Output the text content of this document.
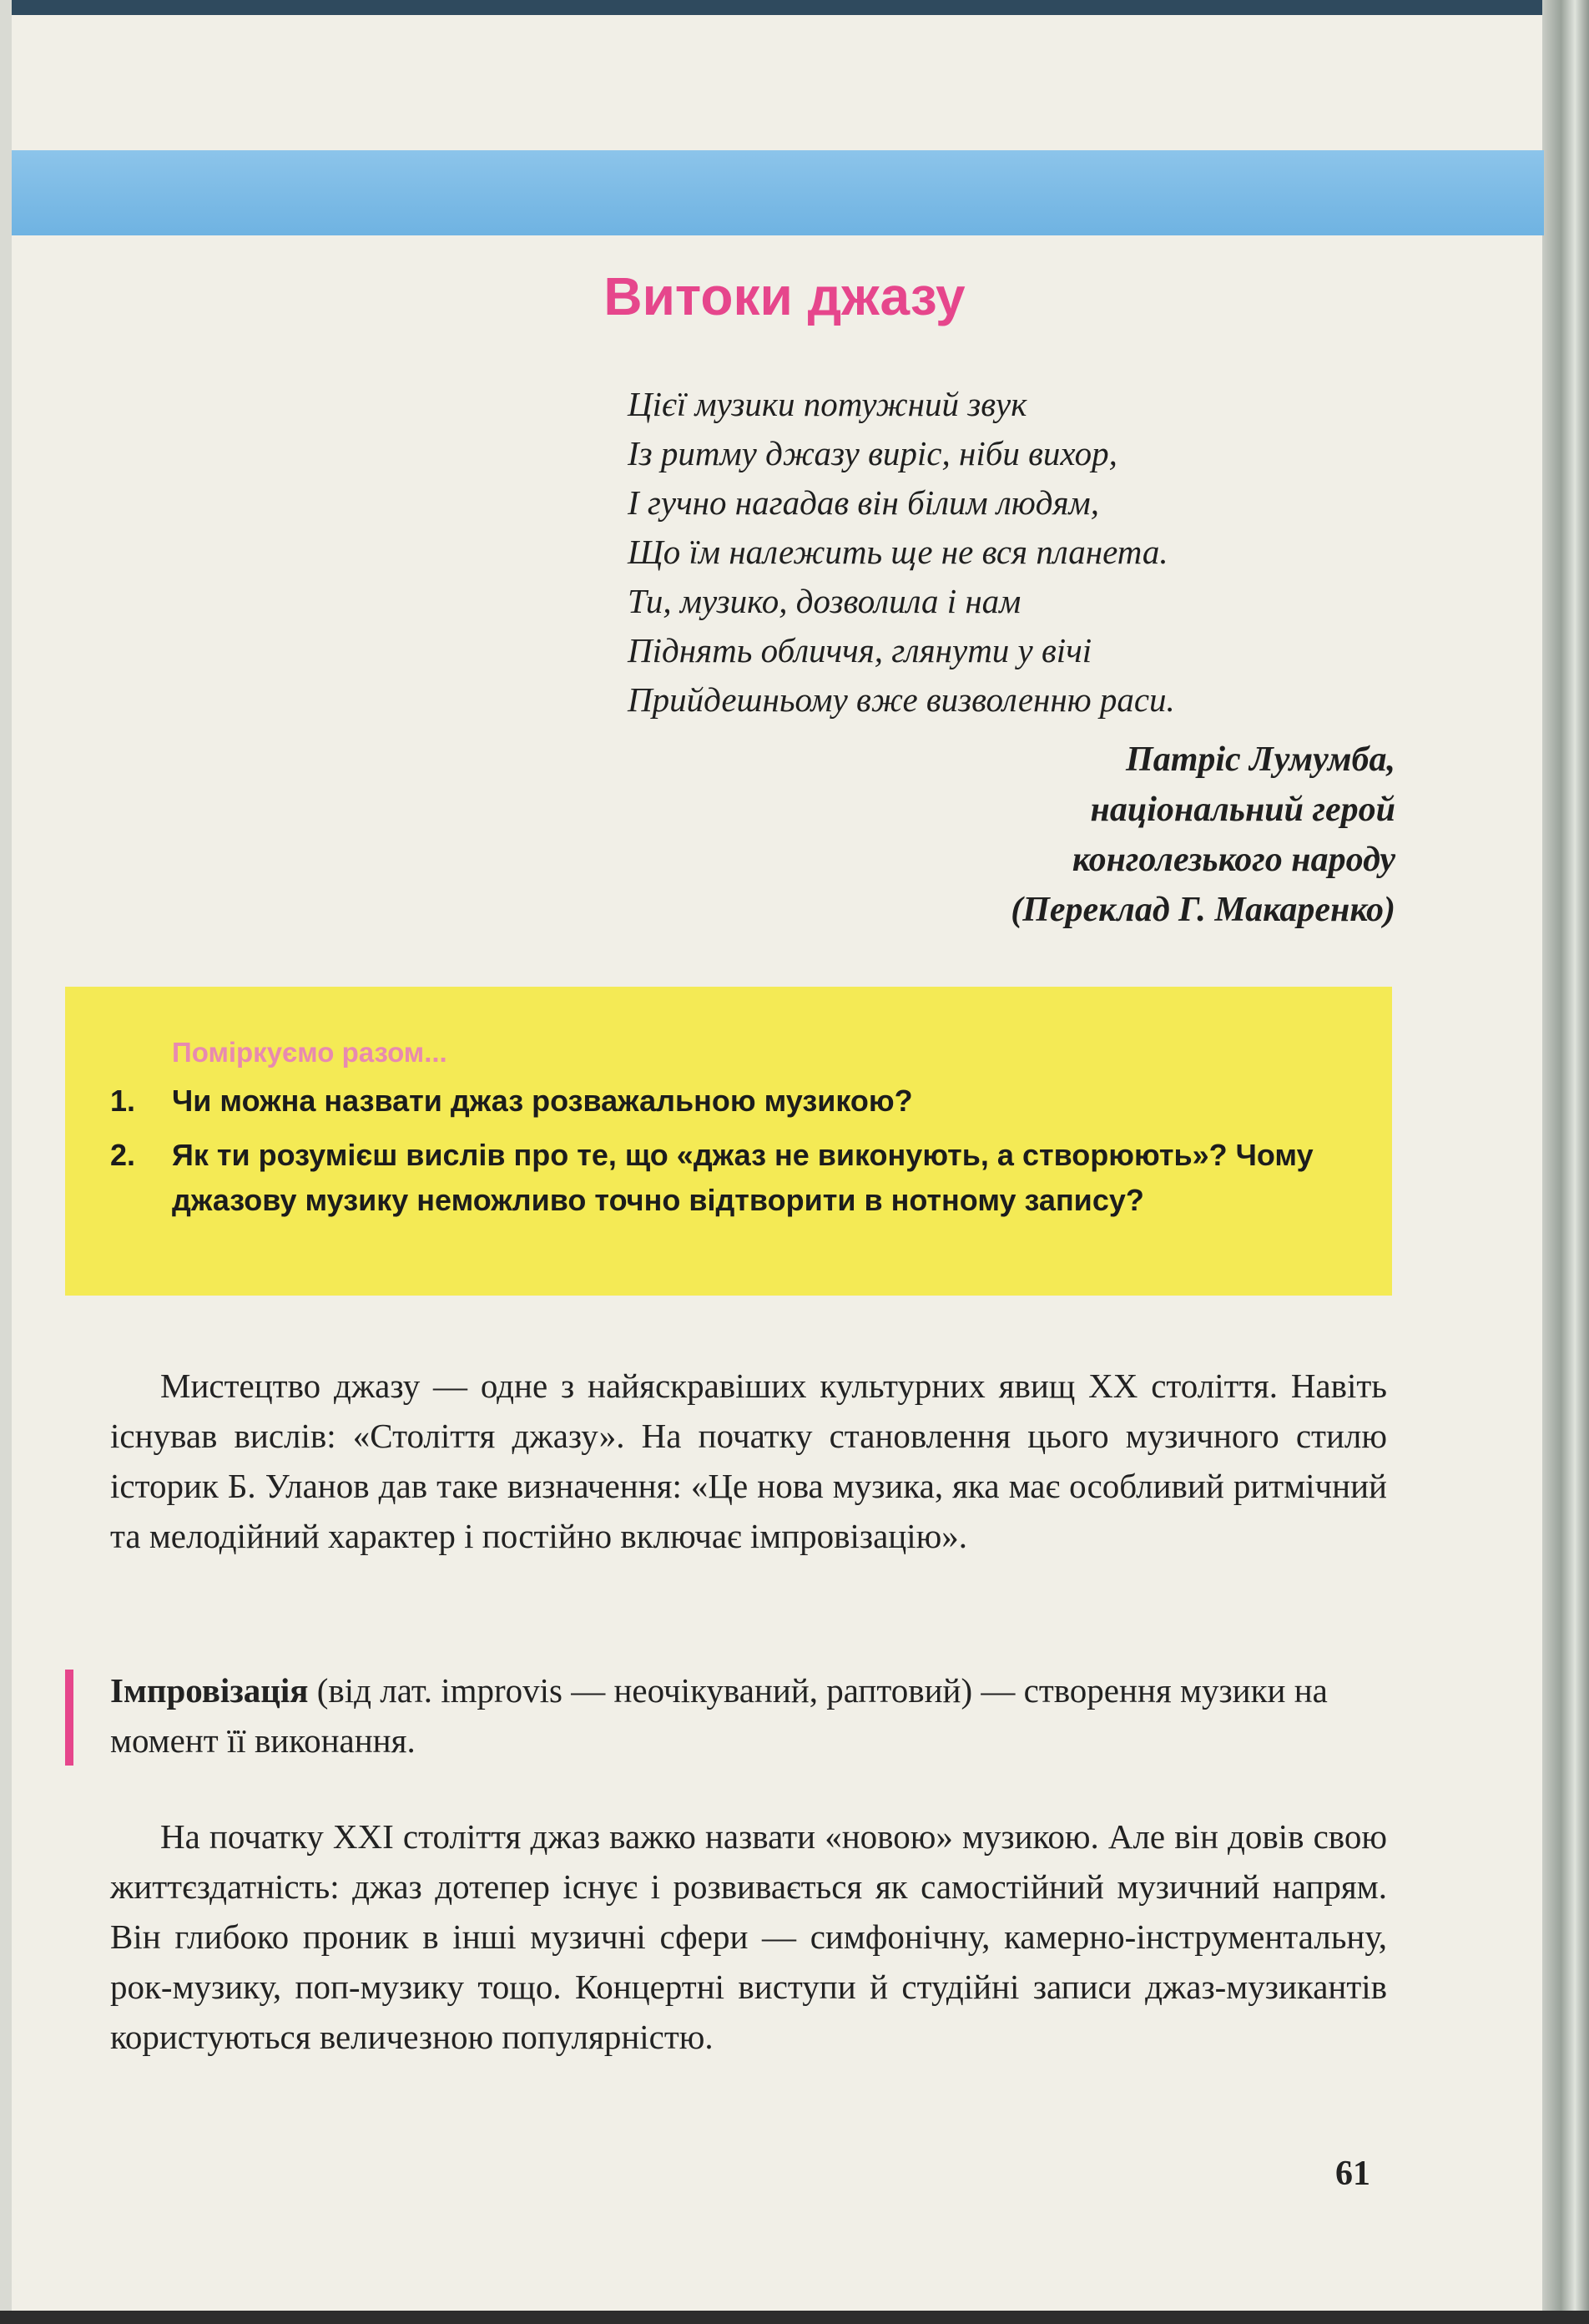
Витоки джазу
Цієї музики потужний звук
Із ритму джазу виріс, ніби вихор,
І гучно нагадав він білим людям,
Що їм належить ще не вся планета.
Ти, музико, дозволила і нам
Піднять обличчя, глянути у вічі
Прийдешньому вже визволенню раси.
Патріс Лумумба,
національний герой
конголезького народу
(Переклад Г. Макаренко)
Поміркуємо разом...
1. Чи можна назвати джаз розважальною музикою?
2. Як ти розумієш вислів про те, що «джаз не виконують, а створюють»? Чому джазову музику неможливо точно відтворити в нотному запису?
Мистецтво джазу — одне з найяскравіших культурних явищ ХХ століття. Навіть існував вислів: «Століття джазу». На початку становлення цього музичного стилю історик Б. Уланов дав таке визначення: «Це нова музика, яка має особливий ритмічний та мелодійний характер і постійно включає імпровізацію».
Імпровізація (від лат. improvis — неочікуваний, раптовий) — створення музики на момент її виконання.
На початку XXI століття джаз важко назвати «новою» музикою. Але він довів свою життєздатність: джаз дотепер існує і розвивається як самостійний музичний напрям. Він глибоко проник в інші музичні сфери — симфонічну, камерно-інструментальну, рок-музику, поп-музику тощо. Концертні виступи й студійні записи джаз-музикантів користуються величезною популярністю.
61
